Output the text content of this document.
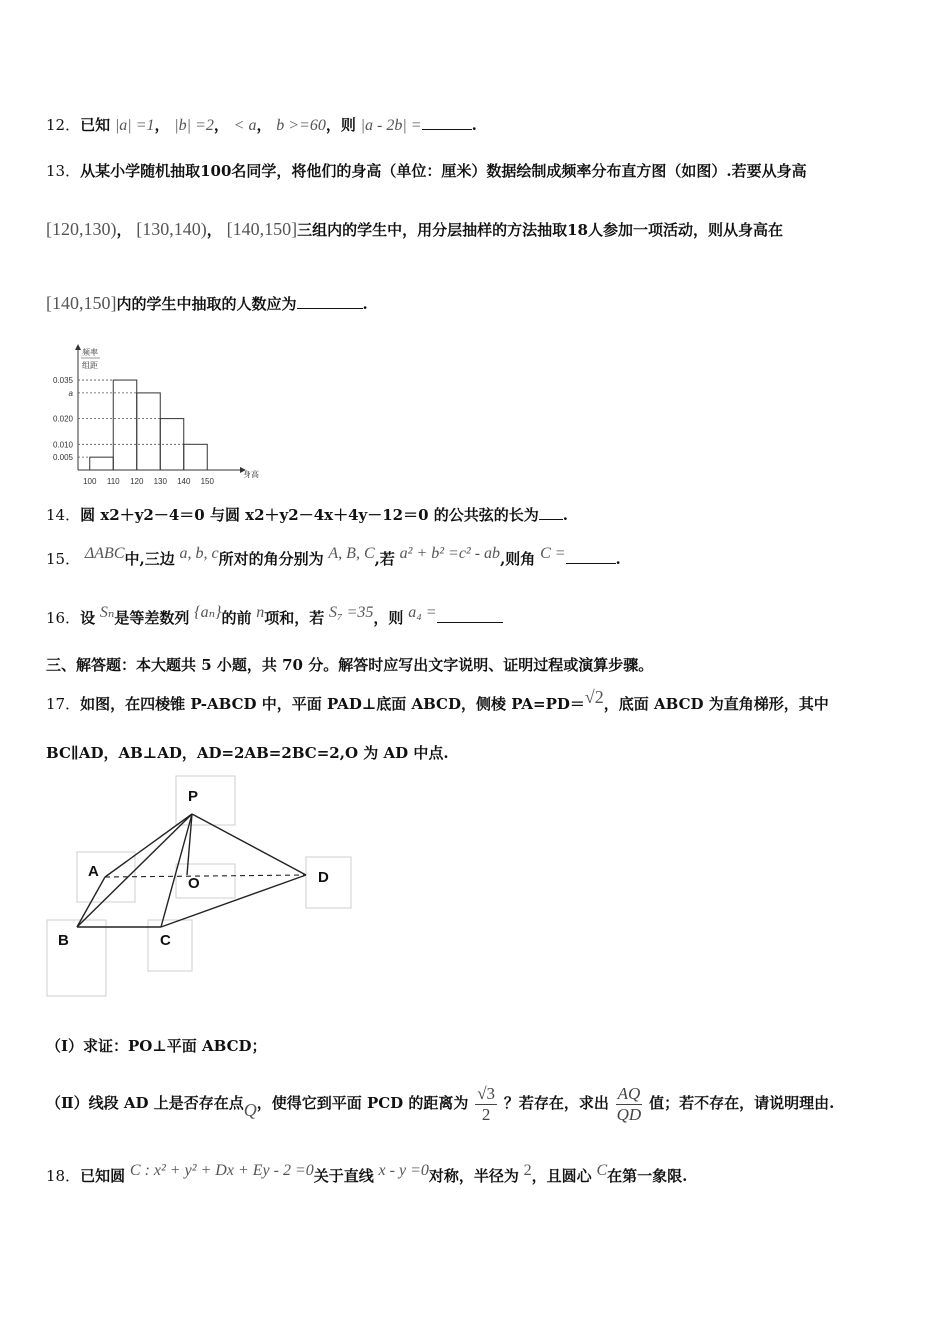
12．已知 |a| =1， |b| =2， < a， b >=60，则 |a - 2b| =	.
13．从某小学随机抽取100名同学，将他们的身高（单位：厘米）数据绘制成频率分布直方图（如图）.若要从身高
[120,130)， [130,140)， [140,150]三组内的学生中，用分层抽样的方法抽取18人参加一项活动，则从身高在
[140,150]内的学生中抽取的人数应为	.
0.035
a
0.020
0.010
0.005
100 110 120 130 140 150
频率
组距
身高
14．圆 x2＋y2－4＝0 与圆 x2＋y2－4x＋4y－12＝0 的公共弦的长为 .
15． ΔABC中,三边 a, b, c所对的角分别为 A, B, C,若 a² + b² =c² - ab,则角 C =	.
16．设 Sₙ是等差数列 {aₙ}的前 n项和，若 S₇ =35，则 a₄ =
三、解答题：本大题共 5 小题，共 70 分。解答时应写出文字说明、证明过程或演算步骤。
17．如图，在四棱锥 P-ABCD 中，平面 PAD⊥底面 ABCD，侧棱 PA=PD＝√2，底面 ABCD 为直角梯形，其中
BC∥AD，AB⊥AD，AD=2AB=2BC=2,O 为 AD 中点.
P
A
O	D
B	C
（Ⅰ）求证：PO⊥平面 ABCD；
（Ⅱ）线段 AD 上是否存在点Q，使得它到平面 PCD 的距离为 $\frac{√3}{2}$ ？若存在，求出 $\frac{AQ}{QD}$ 值；若不存在，请说明理由.
18．已知圆 C : x² + y² + Dx + Ey - 2 =0关于直线 x - y =0对称，半径为 2，且圆心 C在第一象限.
